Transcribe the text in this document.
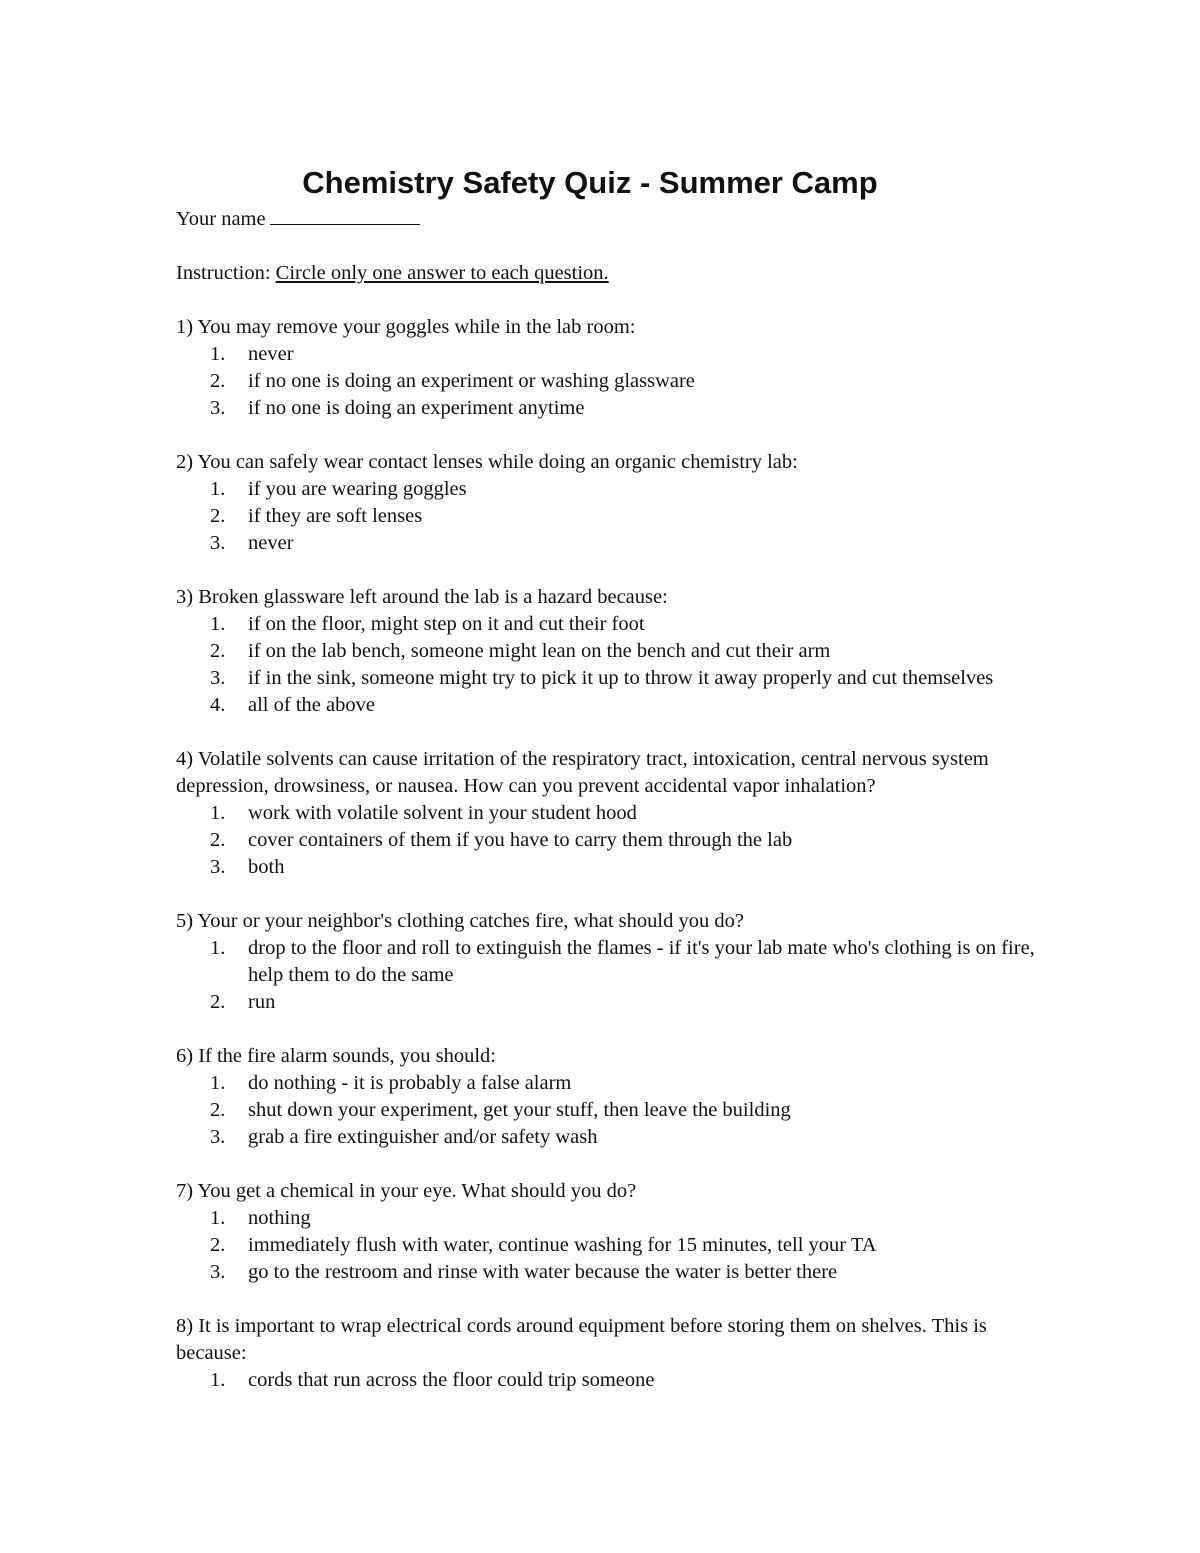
Chemistry Safety Quiz - Summer Camp
Your name
Instruction: Circle only one answer to each question.

1) You may remove your goggles while in the lab room:

1.	never
2.	if no one is doing an experiment or washing glassware
3.	if no one is doing an experiment anytime

2) You can safely wear contact lenses while doing an organic chemistry lab:

1.	if you are wearing goggles
2.	if they are soft lenses
3.	never

3) Broken glassware left around the lab is a hazard because:

1.	if on the floor, might step on it and cut their foot
2.	if on the lab bench, someone might lean on the bench and cut their arm
3.	if in the sink, someone might try to pick it up to throw it away properly and cut themselves
4.	all of the above

4) Volatile solvents can cause irritation of the respiratory tract, intoxication, central nervous system depression, drowsiness, or nausea. How can you prevent accidental vapor inhalation?

1.	work with volatile solvent in your student hood
2.	cover containers of them if you have to carry them through the lab
3.	both

5) Your or your neighbor's clothing catches fire, what should you do?

1.	drop to the floor and roll to extinguish the flames - if it's your lab mate who's clothing is on fire, help them to do the same
2.	run

6) If the fire alarm sounds, you should:

1.	do nothing - it is probably a false alarm
2.	shut down your experiment, get your stuff, then leave the building
3.	grab a fire extinguisher and/or safety wash

7) You get a chemical in your eye. What should you do?

1.	nothing
2.	immediately flush with water, continue washing for 15 minutes, tell your TA
3.	go to the restroom and rinse with water because the water is better there

8) It is important to wrap electrical cords around equipment before storing them on shelves. This is because:

1.	cords that run across the floor could trip someone
